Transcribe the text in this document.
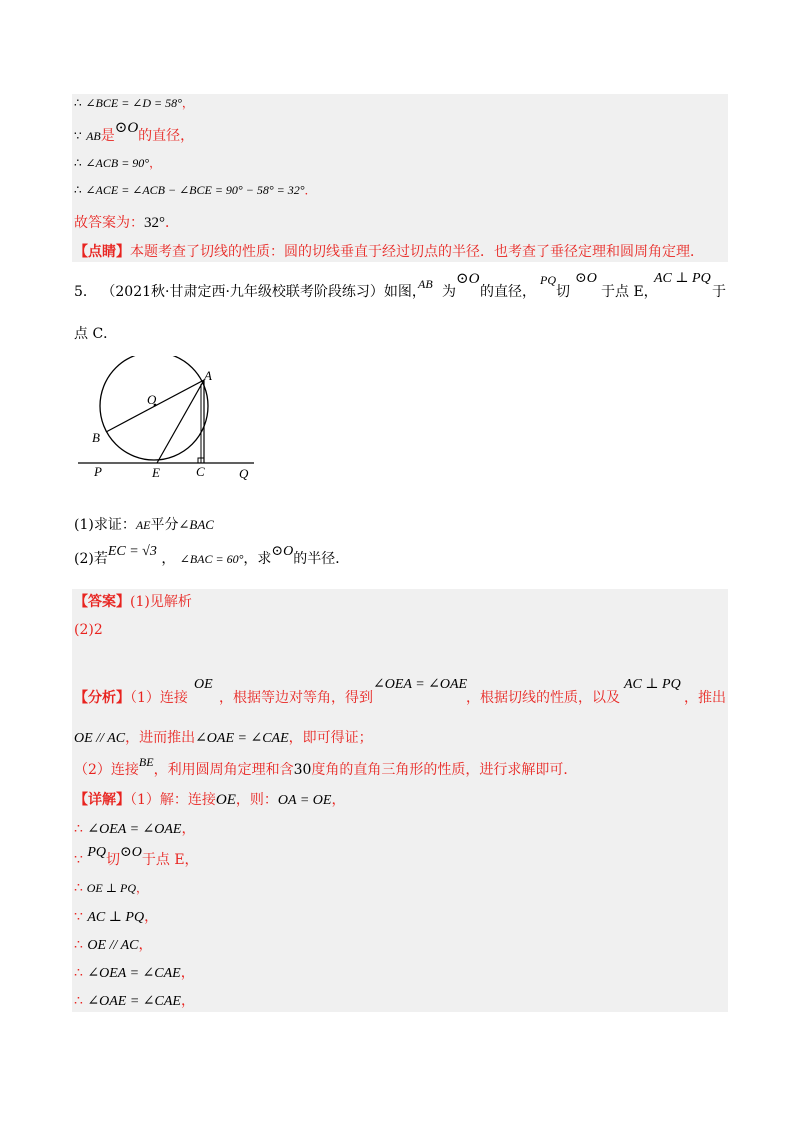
∴ ∠BCE = ∠D = 58°，
∵ AB是⊙O的直径，
∴ ∠ACB = 90°，
∴ ∠ACE = ∠ACB − ∠BCE = 90° − 58° = 32°．
故答案为：32°．
【点睛】本题考查了切线的性质：圆的切线垂直于经过切点的半径．也考查了垂径定理和圆周角定理．
5． （2021秋·甘肃定西·九年级校联考阶段练习）如图，
AB 为
⊙O
的直径，
PQ
切
⊙O
于点 E，
AC ⊥ PQ
于
点 C．
A
O
B
P	E	C	Q
(1)求证：AE平分∠BAC
(2)若EC = √3 ， ∠BAC = 60°，求⊙O的半径．
【答案】(1)见解析
(2)2
【分析】（1）连接
OE
，根据等边对等角，得到
∠OEA = ∠OAE
，根据切线的性质，以及
AC ⊥ PQ
，推出
OE // AC，进而推出∠OAE = ∠CAE，即可得证；
（2）连接BE，利用圆周角定理和含30度角的直角三角形的性质，进行求解即可．
【详解】（1）解：连接OE，则：OA = OE，
∴ ∠OEA = ∠OAE，
∵ PQ切⊙O于点 E，
∴ OE ⊥ PQ，
∵ AC ⊥ PQ，
∴ OE // AC，
∴ ∠OEA = ∠CAE，
∴ ∠OAE = ∠CAE，
